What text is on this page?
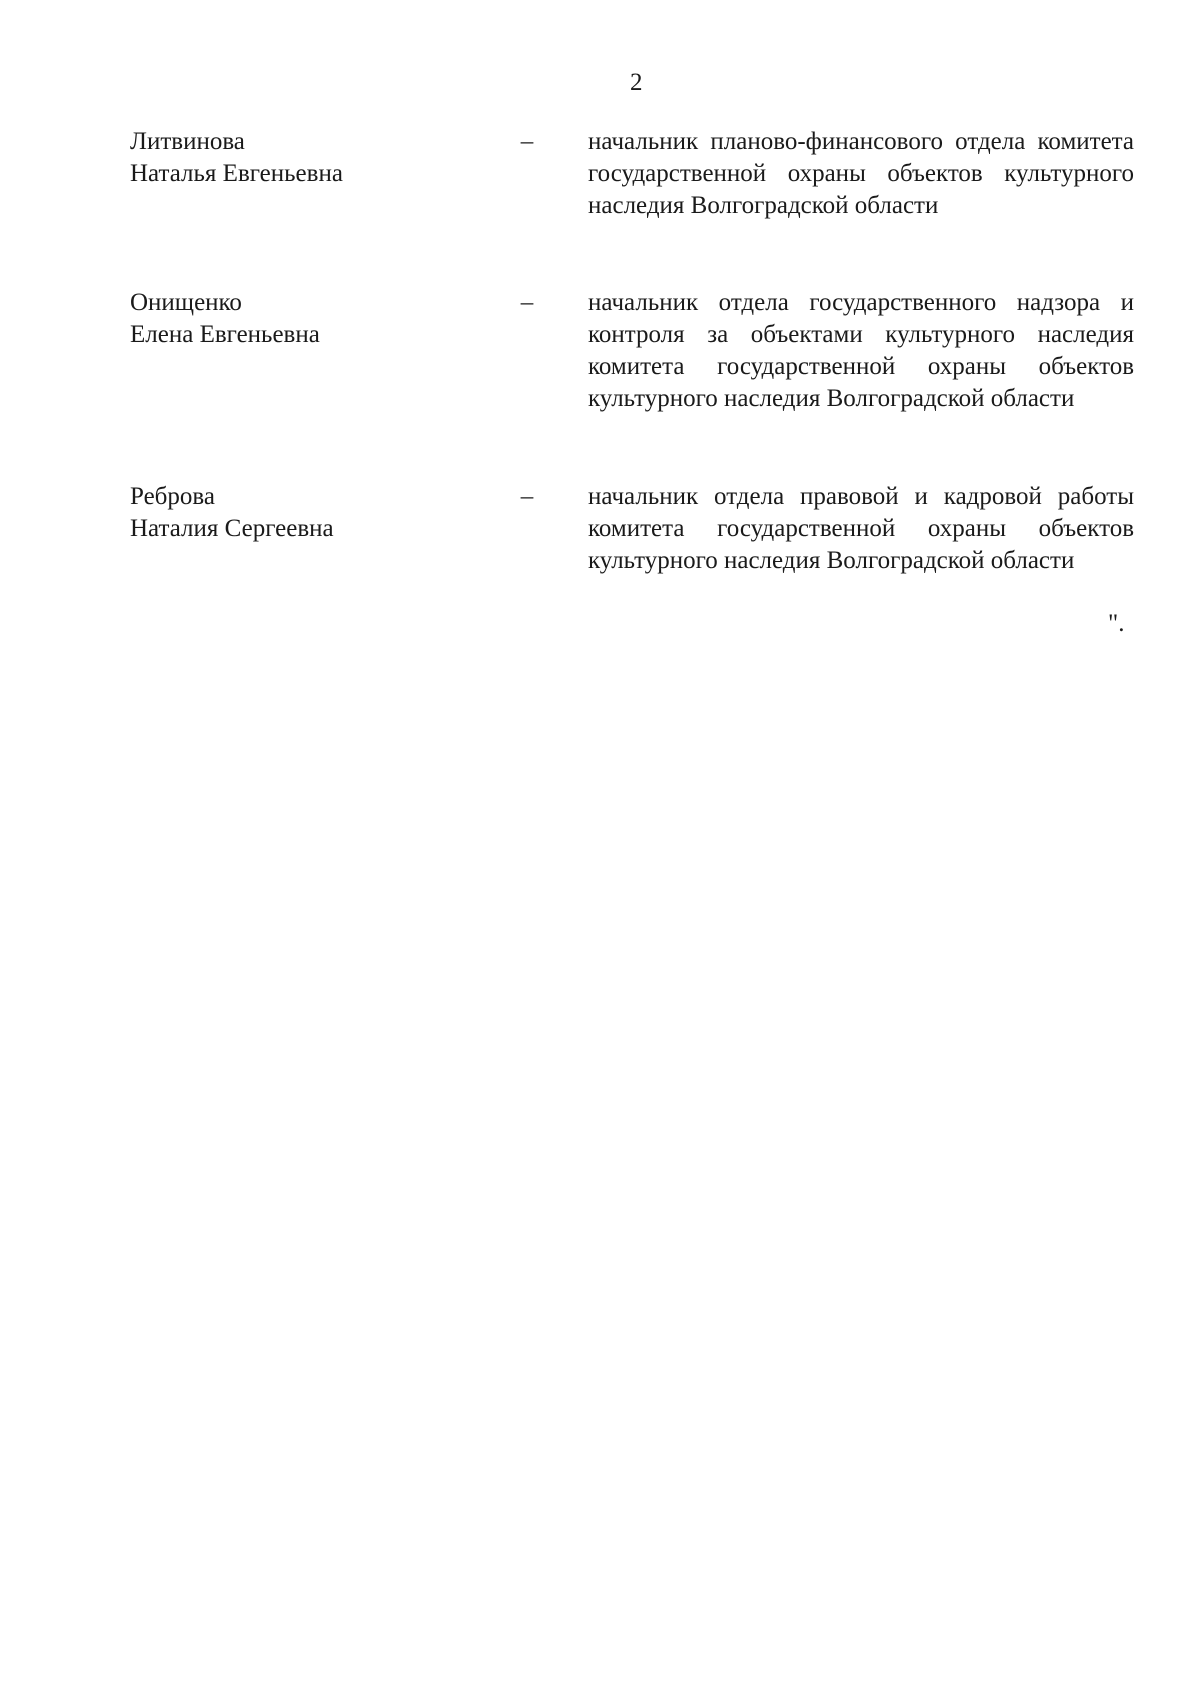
2
Литвинова
Наталья Евгеньевна
–	начальник планово-финансового отдела комитета государственной охраны объектов культурного наследия Волгоградской области
Онищенко
Елена Евгеньевна
–	начальник отдела государственного надзора и контроля за объектами культурного наследия комитета государственной охраны объектов культурного наследия Волгоградской области
Реброва
Наталия Сергеевна
–	начальник отдела правовой и кадровой работы комитета государственной охраны объектов культурного наследия Волгоградской области
".
